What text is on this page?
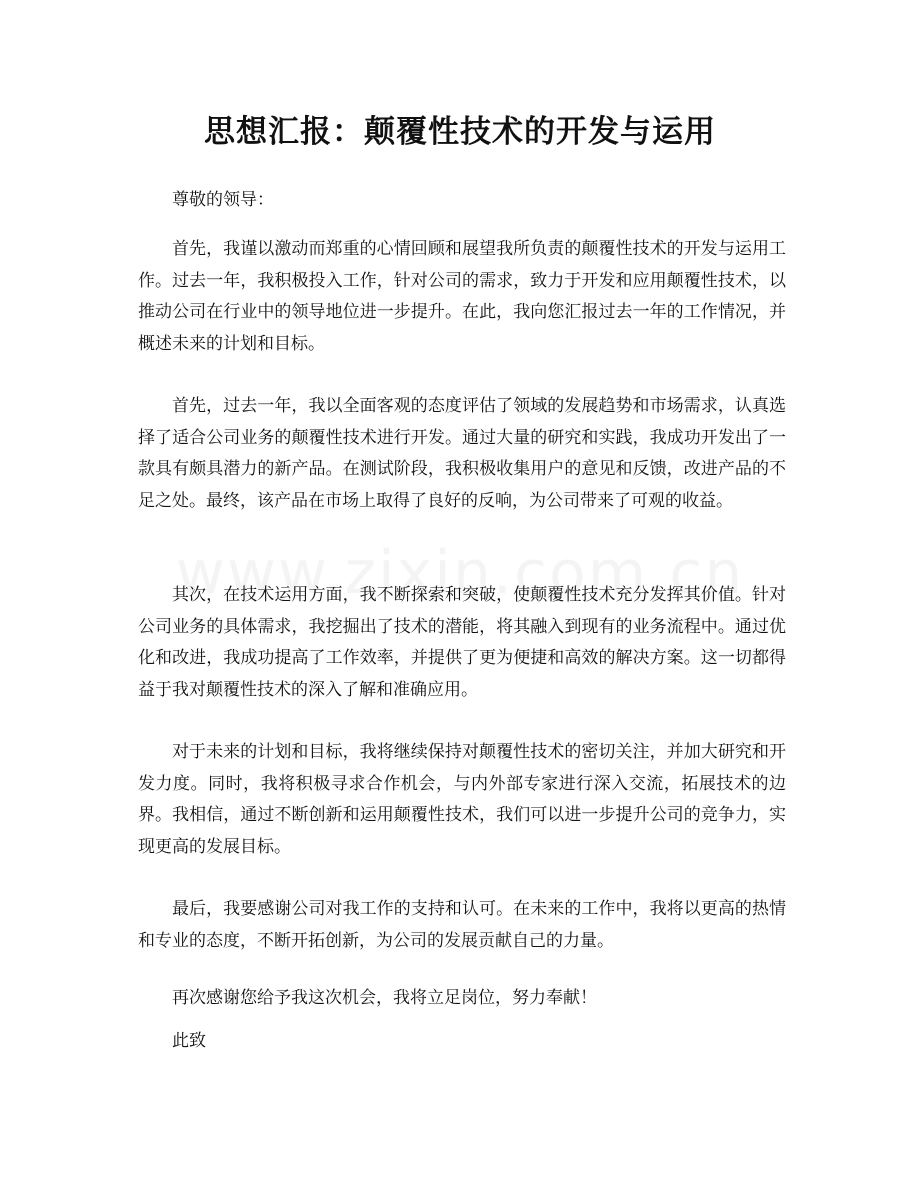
思想汇报：颠覆性技术的开发与运用

尊敬的领导：

首先，我谨以激动而郑重的心情回顾和展望我所负责的颠覆性技术的开发与运用工作。过去一年，我积极投入工作，针对公司的需求，致力于开发和应用颠覆性技术，以推动公司在行业中的领导地位进一步提升。在此，我向您汇报过去一年的工作情况，并概述未来的计划和目标。

首先，过去一年，我以全面客观的态度评估了领域的发展趋势和市场需求，认真选择了适合公司业务的颠覆性技术进行开发。通过大量的研究和实践，我成功开发出了一款具有颇具潜力的新产品。在测试阶段，我积极收集用户的意见和反馈，改进产品的不足之处。最终，该产品在市场上取得了良好的反响，为公司带来了可观的收益。

其次，在技术运用方面，我不断探索和突破，使颠覆性技术充分发挥其价值。针对公司业务的具体需求，我挖掘出了技术的潜能，将其融入到现有的业务流程中。通过优化和改进，我成功提高了工作效率，并提供了更为便捷和高效的解决方案。这一切都得益于我对颠覆性技术的深入了解和准确应用。

对于未来的计划和目标，我将继续保持对颠覆性技术的密切关注，并加大研究和开发力度。同时，我将积极寻求合作机会，与内外部专家进行深入交流，拓展技术的边界。我相信，通过不断创新和运用颠覆性技术，我们可以进一步提升公司的竞争力，实现更高的发展目标。

最后，我要感谢公司对我工作的支持和认可。在未来的工作中，我将以更高的热情和专业的态度，不断开拓创新，为公司的发展贡献自己的力量。

再次感谢您给予我这次机会，我将立足岗位，努力奉献！

此致
